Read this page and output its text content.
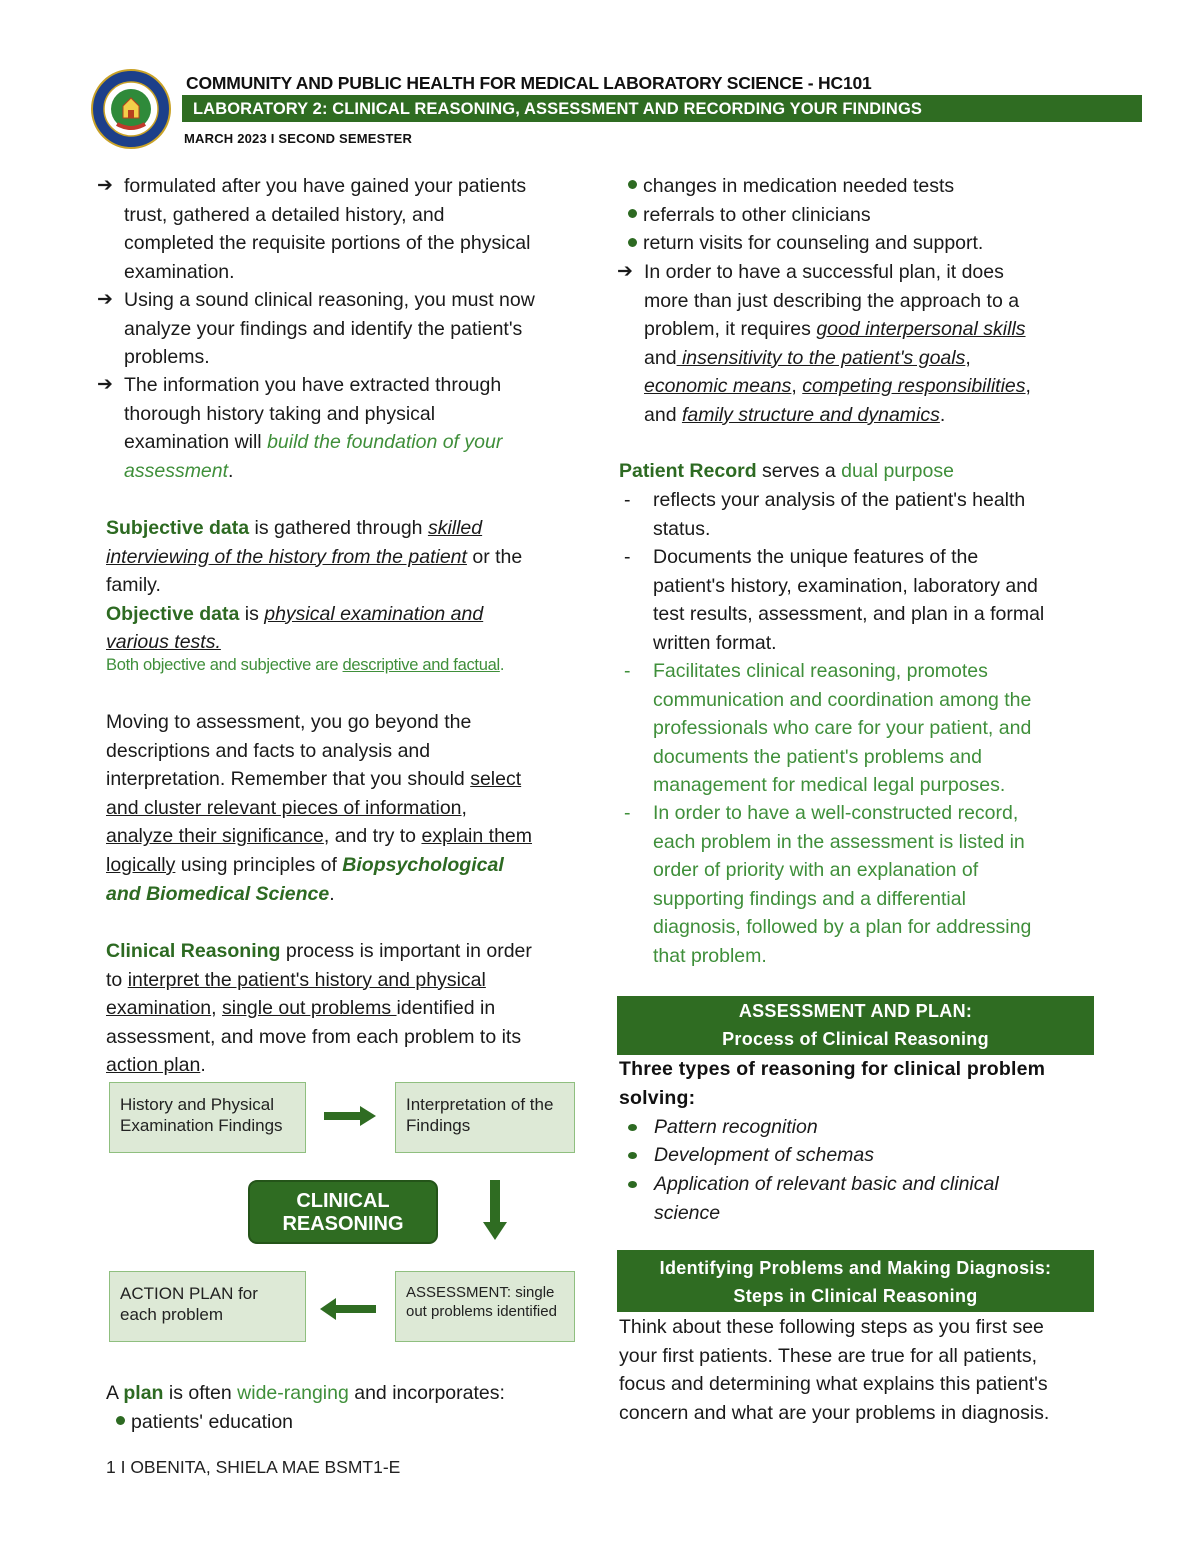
COMMUNITY AND PUBLIC HEALTH FOR MEDICAL LABORATORY SCIENCE - HC101
LABORATORY 2: CLINICAL REASONING, ASSESSMENT AND RECORDING YOUR FINDINGS
MARCH 2023 I SECOND SEMESTER
➔ formulated after you have gained your patients
trust, gathered a detailed history, and
completed the requisite portions of the physical
examination.
➔ Using a sound clinical reasoning, you must now
analyze your findings and identify the patient's
problems.
➔ The information you have extracted through
thorough history taking and physical
examination will build the foundation of your
assessment.
Subjective data is gathered through skilled
interviewing of the history from the patient or the
family.
Objective data is physical examination and
various tests.
Both objective and subjective are descriptive and factual.
Moving to assessment, you go beyond the
descriptions and facts to analysis and
interpretation. Remember that you should select
and cluster relevant pieces of information,
analyze their significance, and try to explain them
logically using principles of Biopsychological
and Biomedical Science.
Clinical Reasoning process is important in order
to interpret the patient's history and physical
examination, single out problems identified in
assessment, and move from each problem to its
action plan.
History and Physical Examination Findings
Interpretation of the Findings
CLINICAL
REASONING
ACTION PLAN for each problem
ASSESSMENT: single out problems identified
A plan is often wide-ranging and incorporates:
patients' education
1 I OBENITA, SHIELA MAE BSMT1-E
changes in medication needed tests
referrals to other clinicians
return visits for counseling and support.
➔ In order to have a successful plan, it does
more than just describing the approach to a
problem, it requires good interpersonal skills
and insensitivity to the patient's goals,
economic means, competing responsibilities,
and family structure and dynamics.
Patient Record serves a dual purpose
- reflects your analysis of the patient's health
status.
- Documents the unique features of the
patient's history, examination, laboratory and
test results, assessment, and plan in a formal
written format.
- Facilitates clinical reasoning, promotes
communication and coordination among the
professionals who care for your patient, and
documents the patient's problems and
management for medical legal purposes.
- In order to have a well-constructed record,
each problem in the assessment is listed in
order of priority with an explanation of
supporting findings and a differential
diagnosis, followed by a plan for addressing
that problem.
ASSESSMENT AND PLAN:
Process of Clinical Reasoning
Three types of reasoning for clinical problem
solving:
Pattern recognition
Development of schemas
Application of relevant basic and clinical
science
Identifying Problems and Making Diagnosis:
Steps in Clinical Reasoning
Think about these following steps as you first see
your first patients. These are true for all patients,
focus and determining what explains this patient's
concern and what are your problems in diagnosis.
